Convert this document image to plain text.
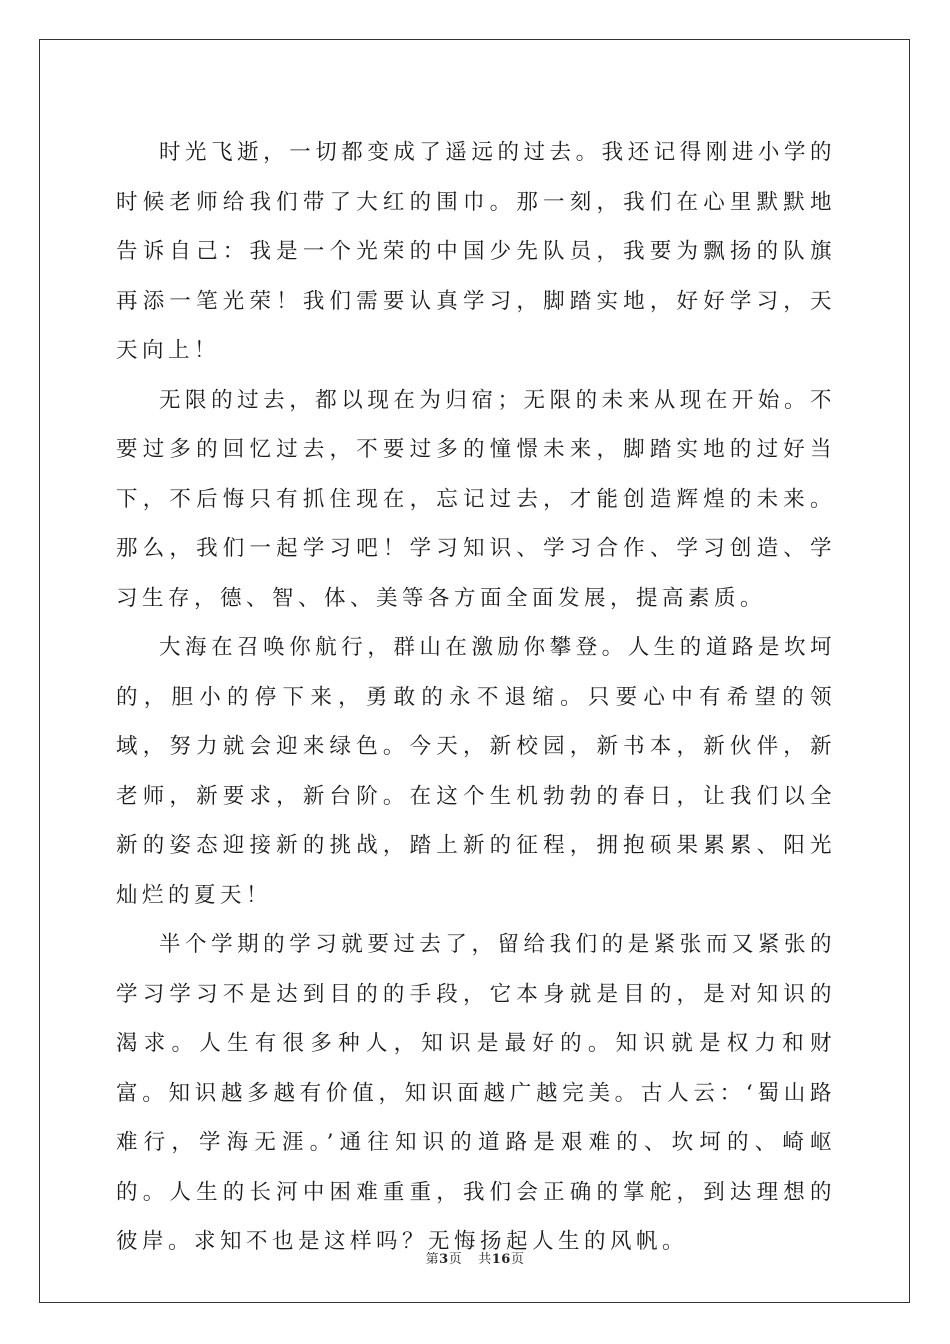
时光飞逝，一切都变成了遥远的过去。我还记得刚进小学的时候老师给我们带了大红的围巾。那一刻，我们在心里默默地告诉自己：我是一个光荣的中国少先队员，我要为飘扬的队旗再添一笔光荣！我们需要认真学习，脚踏实地，好好学习，天天向上！

无限的过去，都以现在为归宿；无限的未来从现在开始。不要过多的回忆过去，不要过多的憧憬未来，脚踏实地的过好当下，不后悔只有抓住现在，忘记过去，才能创造辉煌的未来。那么，我们一起学习吧！学习知识、学习合作、学习创造、学习生存，德、智、体、美等各方面全面发展，提高素质。

大海在召唤你航行，群山在激励你攀登。人生的道路是坎坷的，胆小的停下来，勇敢的永不退缩。只要心中有希望的领域，努力就会迎来绿色。今天，新校园，新书本，新伙伴，新老师，新要求，新台阶。在这个生机勃勃的春日，让我们以全新的姿态迎接新的挑战，踏上新的征程，拥抱硕果累累、阳光灿烂的夏天！

半个学期的学习就要过去了，留给我们的是紧张而又紧张的学习学习不是达到目的的手段，它本身就是目的，是对知识的渴求。人生有很多种人，知识是最好的。知识就是权力和财富。知识越多越有价值，知识面越广越完美。古人云：‘蜀山路难行，学海无涯。’通往知识的道路是艰难的、坎坷的、崎岖的。人生的长河中困难重重，我们会正确的掌舵，到达理想的彼岸。求知不也是这样吗？无悔扬起人生的风帆。

第3页 共16页
